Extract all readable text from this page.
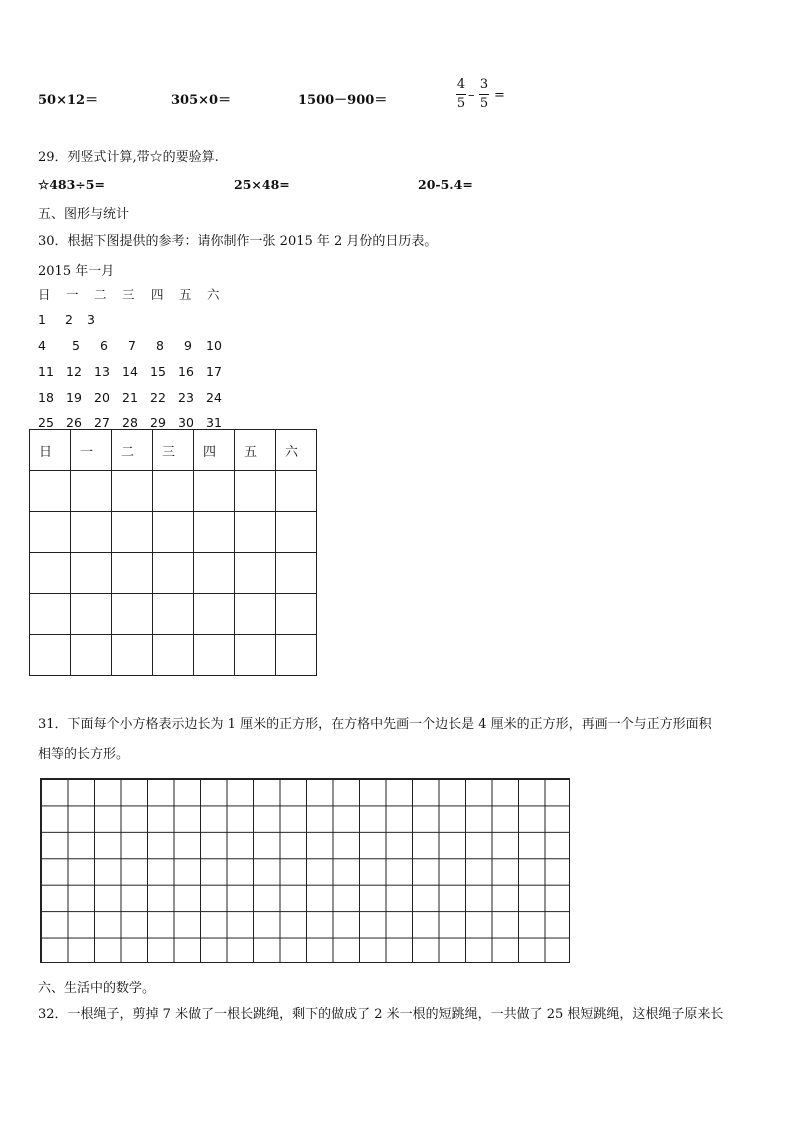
50×12＝	305×0＝	1500－900＝
4
5
–
3
5
=
29．列竖式计算,带☆的要验算.
☆483÷5=	25×48=	20-5.4=
五、图形与统计
30．根据下图提供的参考：请你制作一张 2015 年 2 月份的日历表。
2015 年一月
日 一 二 三 四 五 六
1 2 3
4 5 6 7 8 9 10
11 12 13 14 15 16 17
18 19 20 21 22 23 24
25 26 27 28 29 30 31
日	一	二	三	四	五	六

31．下面每个小方格表示边长为 1 厘米的正方形，在方格中先画一个边长是 4 厘米的正方形，再画一个与正方形面积
相等的长方形。
六、生活中的数学。
32．一根绳子，剪掉 7 米做了一根长跳绳，剩下的做成了 2 米一根的短跳绳，一共做了 25 根短跳绳，这根绳子原来长
